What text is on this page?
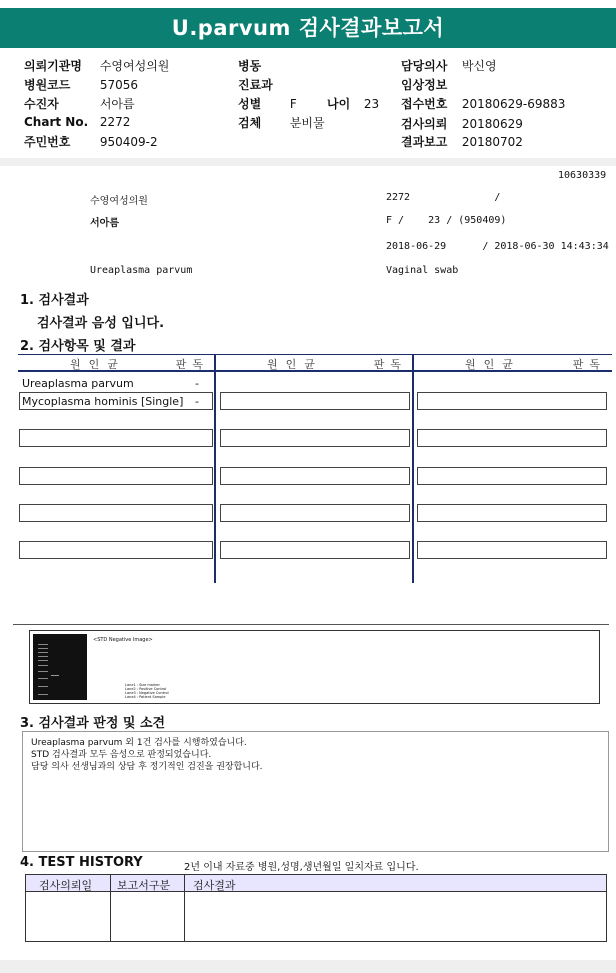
U.parvum 검사결과보고서
의뢰기관명 수영여성의원
병원코드 57056
수진자	서아름
Chart No. 2272
주민번호 950409-2
병동
진료과
성별 F	나이 23
검체 분비물
담당의사 박신영
임상정보
접수번호 20180629-69883
검사의뢰 20180629
결과보고 20180702
10630339
수영여성의원	2272              /
서아름	F /    23 / (950409)
2018-06-29      / 2018-06-30 14:43:34
Ureaplasma parvum	Vaginal swab
1. 검사결과
검사결과 음성 입니다.
2. 검사항목 및 결과
원인균	판독	원인균	판독	원인균	판독
Ureaplasma parvum	-
Mycoplasma hominis [Single] -
<STD Negative Image>
Lane1 : Size marker
Lane2 : Positive Control
Lane3 : Negative Control
Lane4 : Patient Sample
3. 검사결과 판정 및 소견
Ureaplasma parvum 외 1건 검사를 시행하였습니다.
STD 검사결과 모두 음성으로 판정되었습니다.
담당 의사 선생님과의 상담 후 정기적인 검진을 권장합니다.
4. TEST HISTORY	2년 이내 자료중 병원,성명,생년월일 일치자료 입니다.
검사의뢰일 보고서구분 검사결과
